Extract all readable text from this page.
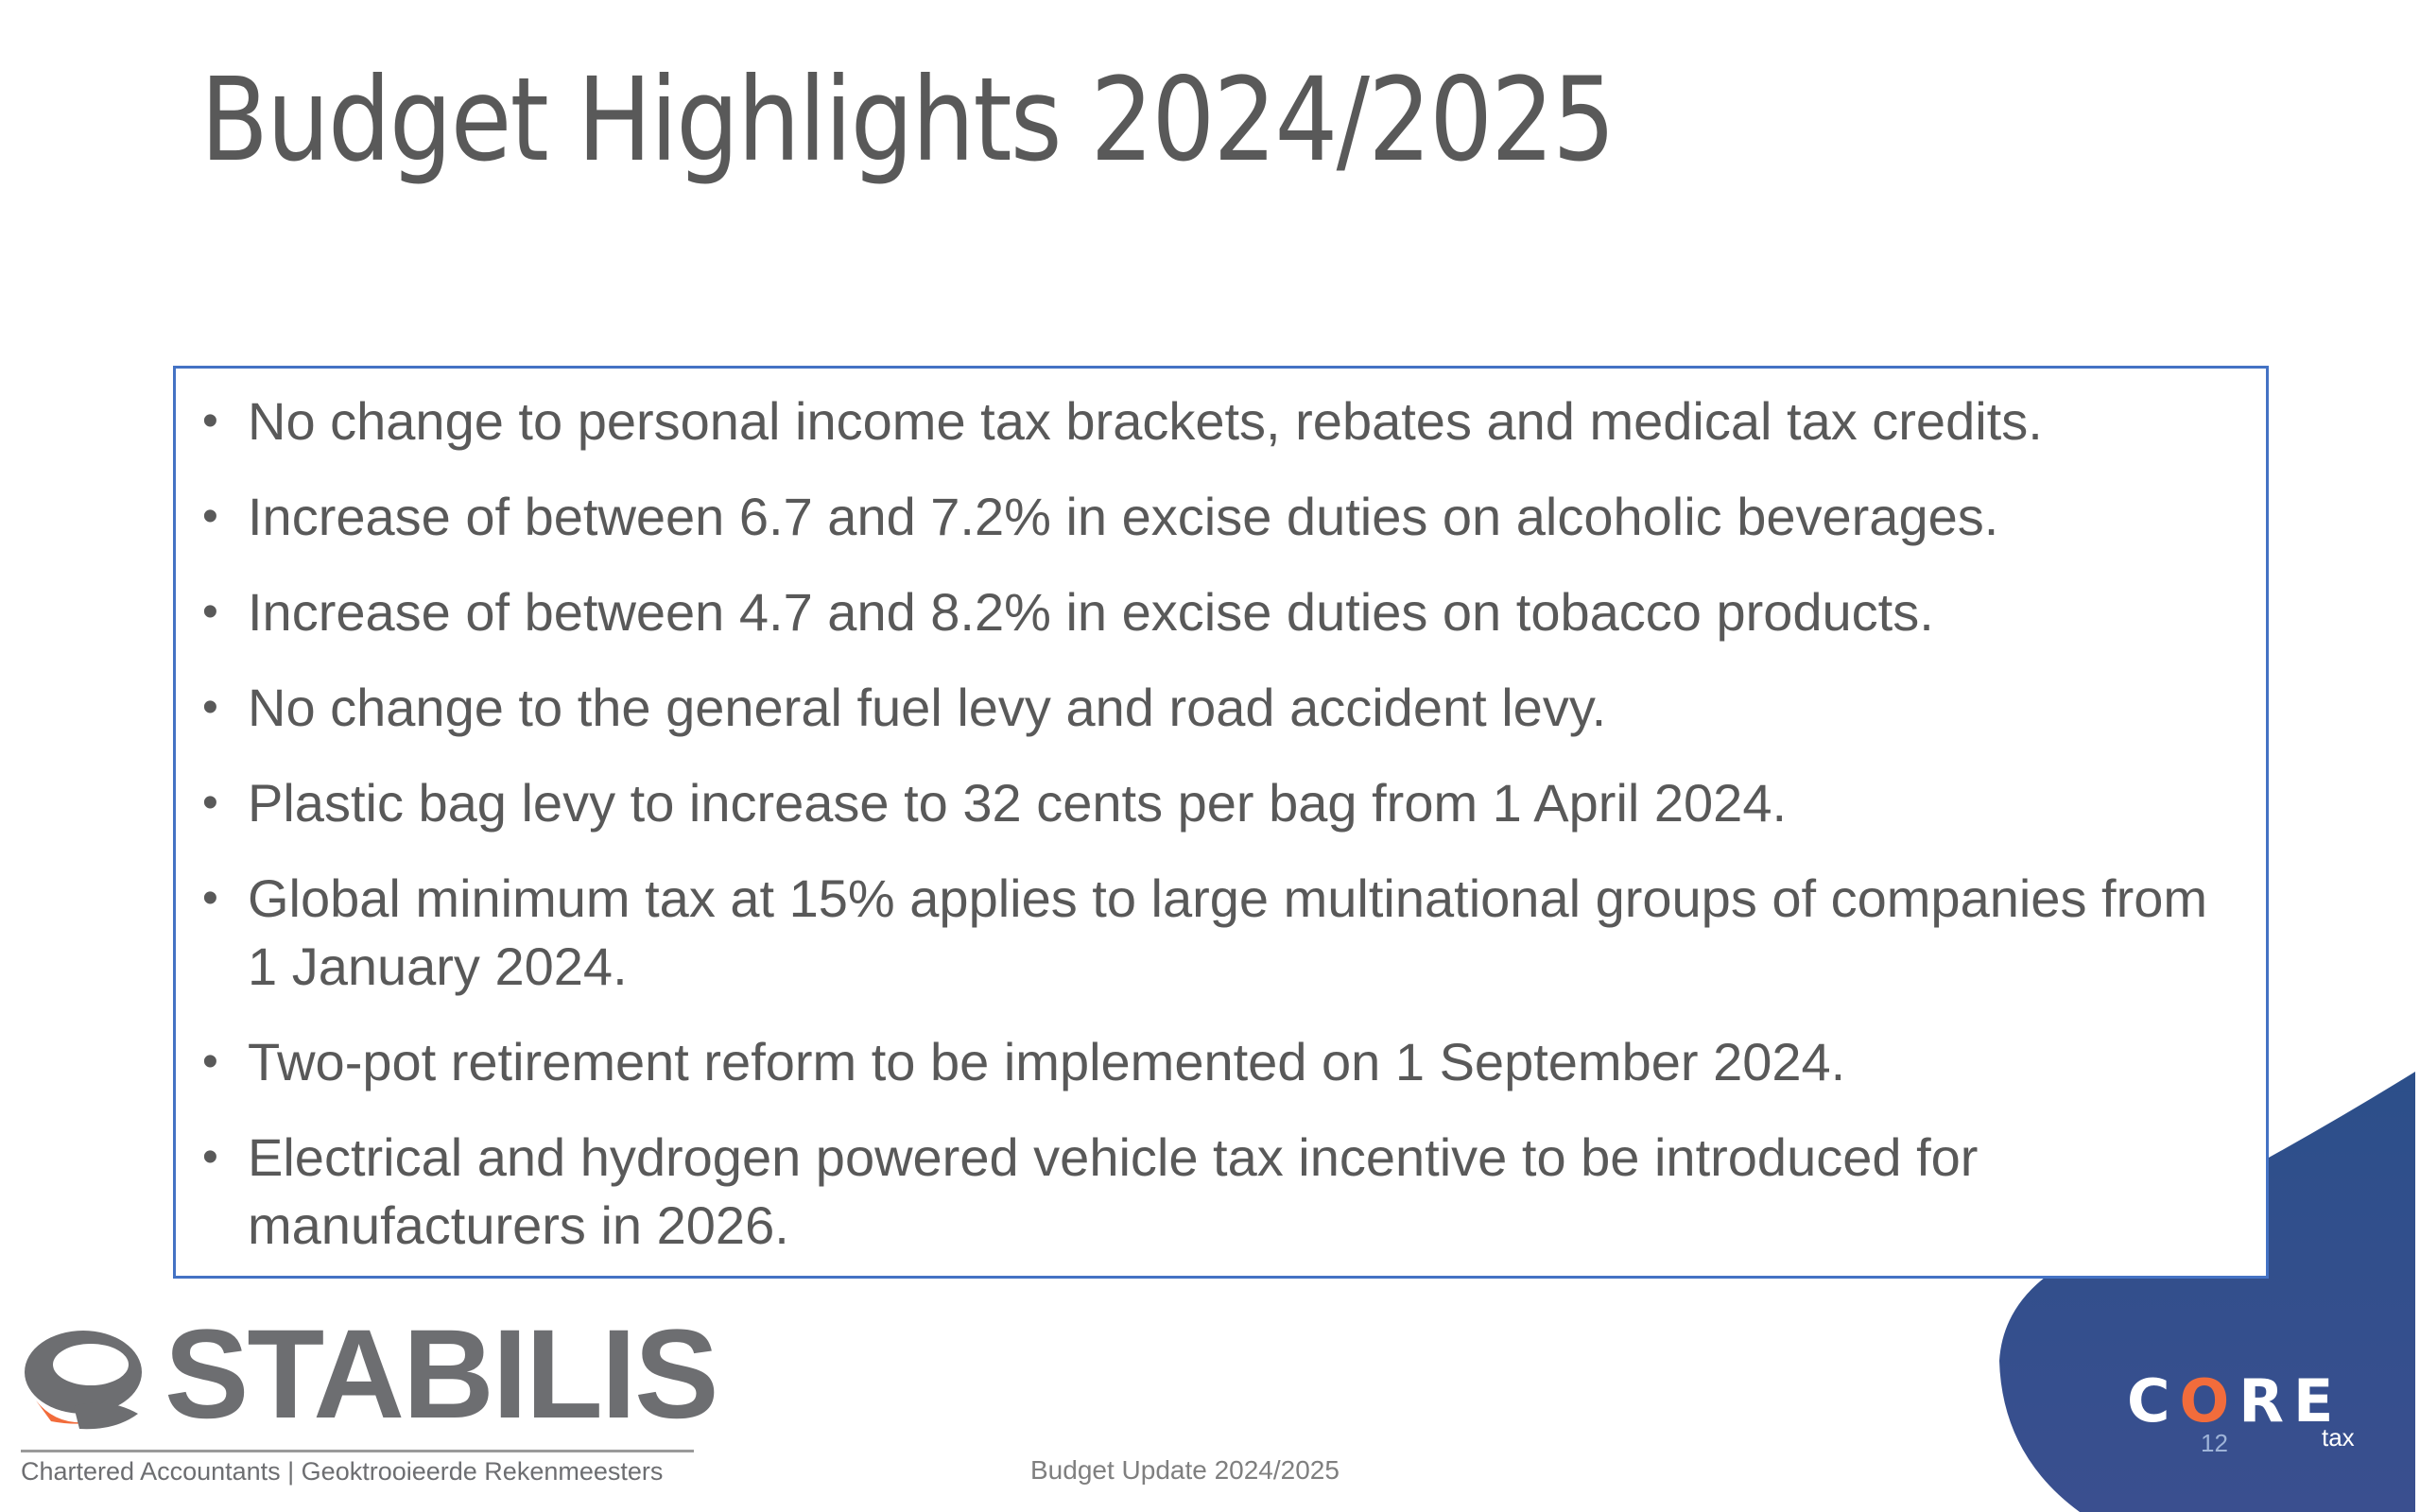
Budget Highlights 2024/2025
• No change to personal income tax brackets, rebates and medical tax credits.
• Increase of between 6.7 and 7.2% in excise duties on alcoholic beverages.
• Increase of between 4.7 and 8.2% in excise duties on tobacco products.
• No change to the general fuel levy and road accident levy.
• Plastic bag levy to increase to 32 cents per bag from 1 April 2024.
• Global minimum tax at 15% applies to large multinational groups of companies from 1 January 2024.
• Two-pot retirement reform to be implemented on 1 September 2024.
• Electrical and hydrogen powered vehicle tax incentive to be introduced for manufacturers in 2026.
STABILIS
Chartered Accountants | Geoktrooieerde Rekenmeesters	Budget Update 2024/2025
CORE
tax
12
